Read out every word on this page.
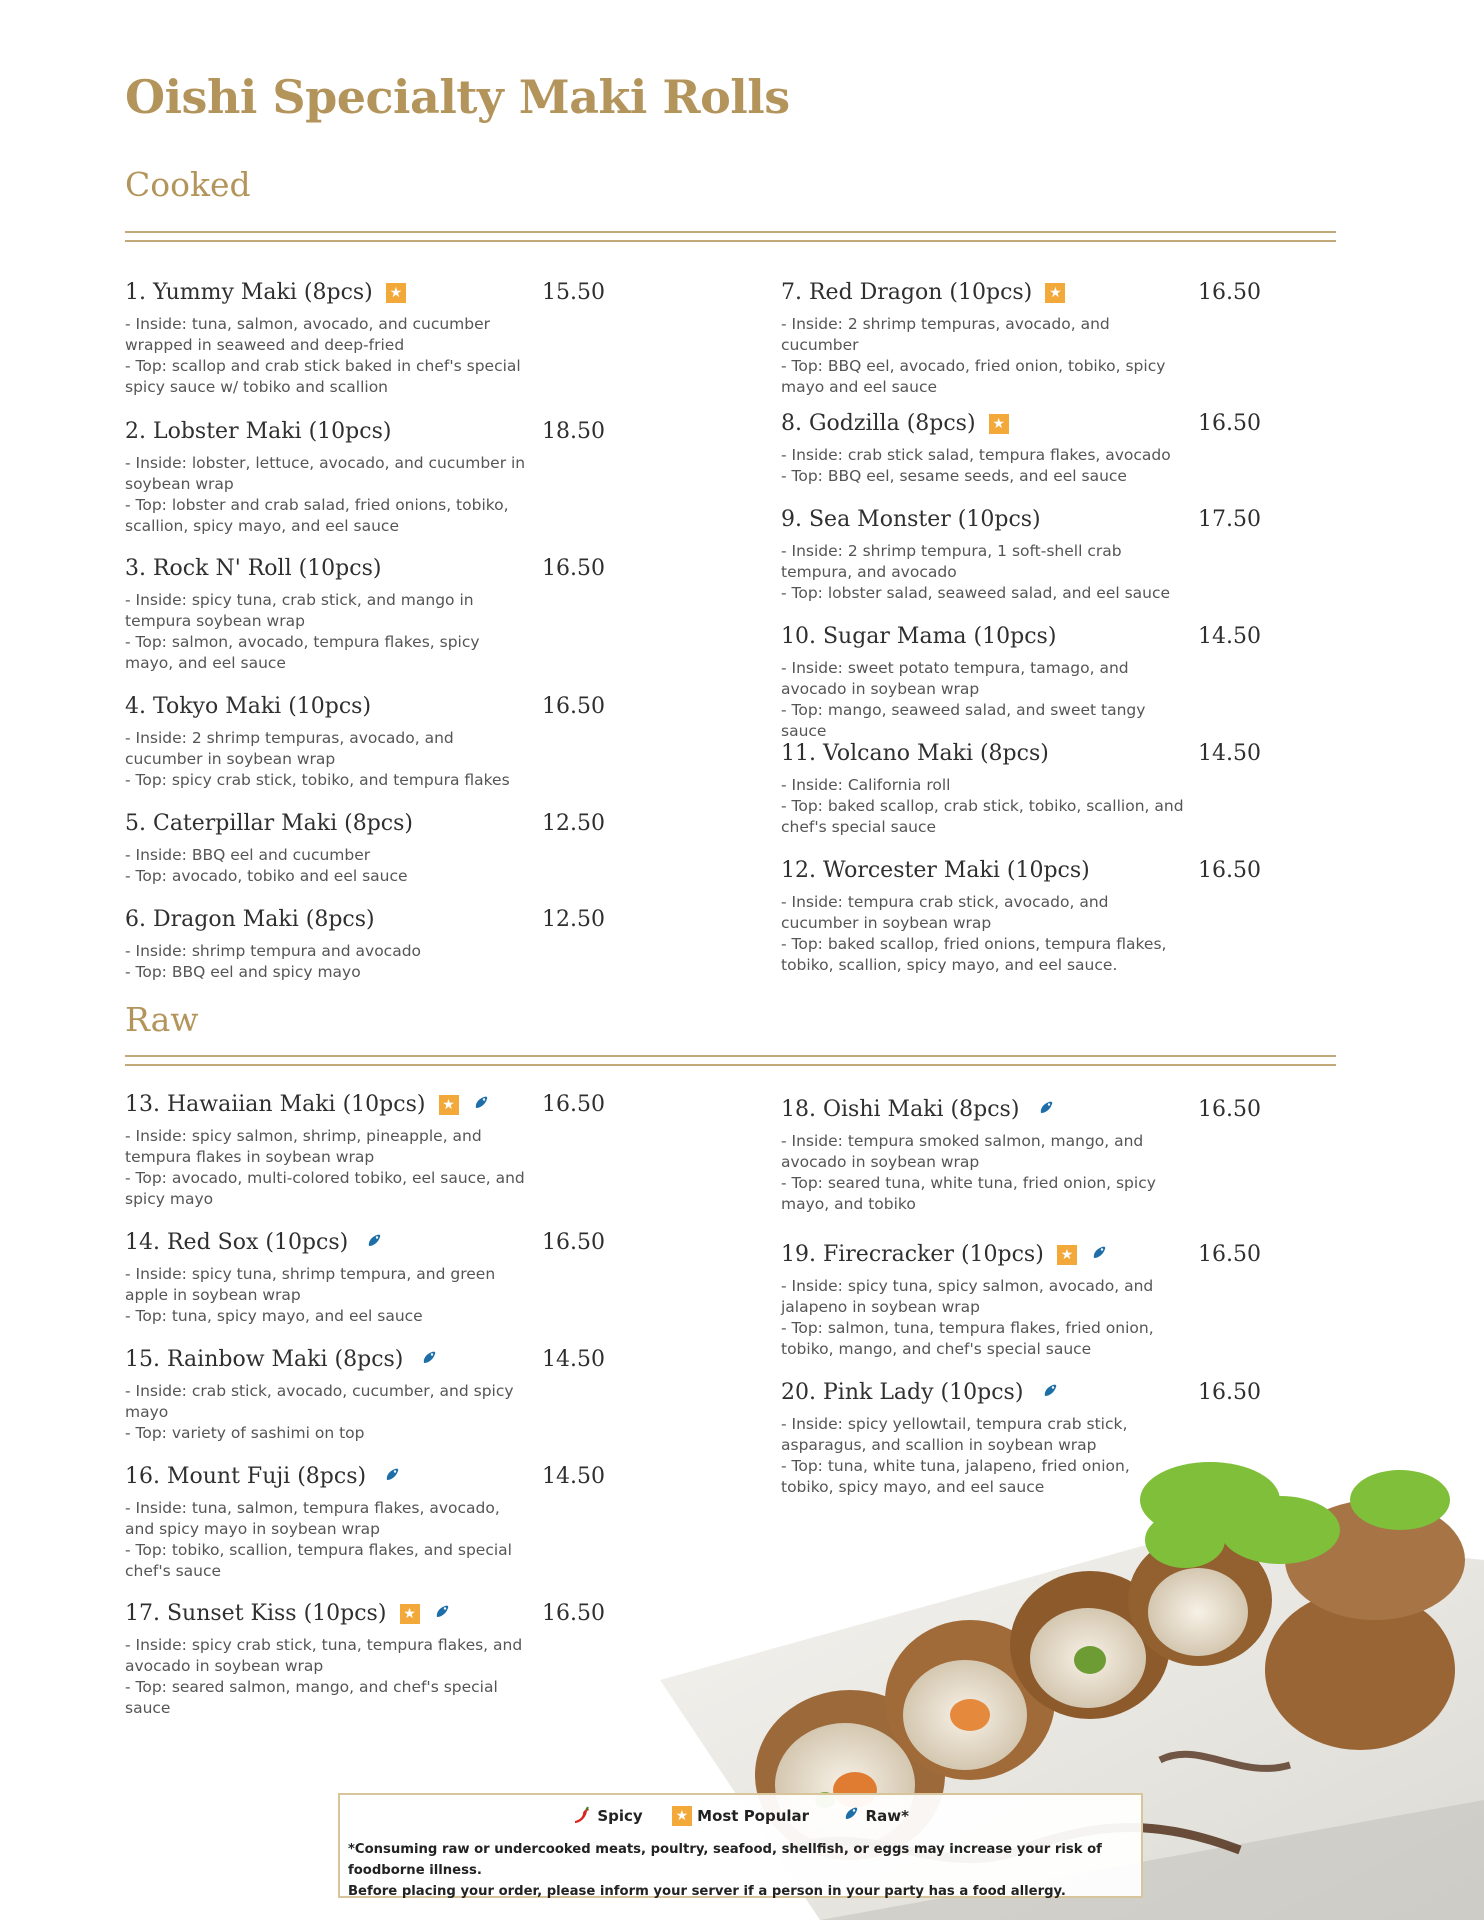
Oishi Specialty Maki Rolls
Cooked
Raw
1. Yummy Maki (8pcs) ★	15.50
- Inside: tuna, salmon, avocado, and cucumber
wrapped in seaweed and deep-fried
- Top: scallop and crab stick baked in chef's special
spicy sauce w/ tobiko and scallion
2. Lobster Maki (10pcs)	18.50
- Inside: lobster, lettuce, avocado, and cucumber in
soybean wrap
- Top: lobster and crab salad, fried onions, tobiko,
scallion, spicy mayo, and eel sauce
3. Rock N' Roll (10pcs)	16.50
- Inside: spicy tuna, crab stick, and mango in
tempura soybean wrap
- Top: salmon, avocado, tempura flakes, spicy
mayo, and eel sauce
4. Tokyo Maki (10pcs)	16.50
- Inside: 2 shrimp tempuras, avocado, and
cucumber in soybean wrap
- Top: spicy crab stick, tobiko, and tempura flakes
5. Caterpillar Maki (8pcs)	12.50
- Inside: BBQ eel and cucumber
- Top: avocado, tobiko and eel sauce
6. Dragon Maki (8pcs)	12.50
- Inside: shrimp tempura and avocado
- Top: BBQ eel and spicy mayo
7. Red Dragon (10pcs) ★	16.50
- Inside: 2 shrimp tempuras, avocado, and
cucumber
- Top: BBQ eel, avocado, fried onion, tobiko, spicy
mayo and eel sauce
8. Godzilla (8pcs) ★	16.50
- Inside: crab stick salad, tempura flakes, avocado
- Top: BBQ eel, sesame seeds, and eel sauce
9. Sea Monster (10pcs)	17.50
- Inside: 2 shrimp tempura, 1 soft-shell crab
tempura, and avocado
- Top: lobster salad, seaweed salad, and eel sauce
10. Sugar Mama (10pcs)	14.50
- Inside: sweet potato tempura, tamago, and
avocado in soybean wrap
- Top: mango, seaweed salad, and sweet tangy
sauce
11. Volcano Maki (8pcs)	14.50
- Inside: California roll
- Top: baked scallop, crab stick, tobiko, scallion, and
chef's special sauce
12. Worcester Maki (10pcs)	16.50
- Inside: tempura crab stick, avocado, and
cucumber in soybean wrap
- Top: baked scallop, fried onions, tempura flakes,
tobiko, scallion, spicy mayo, and eel sauce.
13. Hawaiian Maki (10pcs) ★	16.50
- Inside: spicy salmon, shrimp, pineapple, and
tempura flakes in soybean wrap
- Top: avocado, multi-colored tobiko, eel sauce, and
spicy mayo
14. Red Sox (10pcs)	16.50
- Inside: spicy tuna, shrimp tempura, and green
apple in soybean wrap
- Top: tuna, spicy mayo, and eel sauce
15. Rainbow Maki (8pcs)	14.50
- Inside: crab stick, avocado, cucumber, and spicy
mayo
- Top: variety of sashimi on top
16. Mount Fuji (8pcs)	14.50
- Inside: tuna, salmon, tempura flakes, avocado,
and spicy mayo in soybean wrap
- Top: tobiko, scallion, tempura flakes, and special
chef's sauce
17. Sunset Kiss (10pcs) ★	16.50
- Inside: spicy crab stick, tuna, tempura flakes, and
avocado in soybean wrap
- Top: seared salmon, mango, and chef's special
sauce
18. Oishi Maki (8pcs)	16.50
- Inside: tempura smoked salmon, mango, and
avocado in soybean wrap
- Top: seared tuna, white tuna, fried onion, spicy
mayo, and tobiko
19. Firecracker (10pcs) ★	16.50
- Inside: spicy tuna, spicy salmon, avocado, and
jalapeno in soybean wrap
- Top: salmon, tuna, tempura flakes, fried onion,
tobiko, mango, and chef's special sauce
20. Pink Lady (10pcs)	16.50
- Inside: spicy yellowtail, tempura crab stick,
asparagus, and scallion in soybean wrap
- Top: tuna, white tuna, jalapeno, fried onion,
tobiko, spicy mayo, and eel sauce
Spicy ★ Most Popular	Raw*
*Consuming raw or undercooked meats, poultry, seafood, shellfish, or eggs may increase your risk of foodborne illness.
Before placing your order, please inform your server if a person in your party has a food allergy.
